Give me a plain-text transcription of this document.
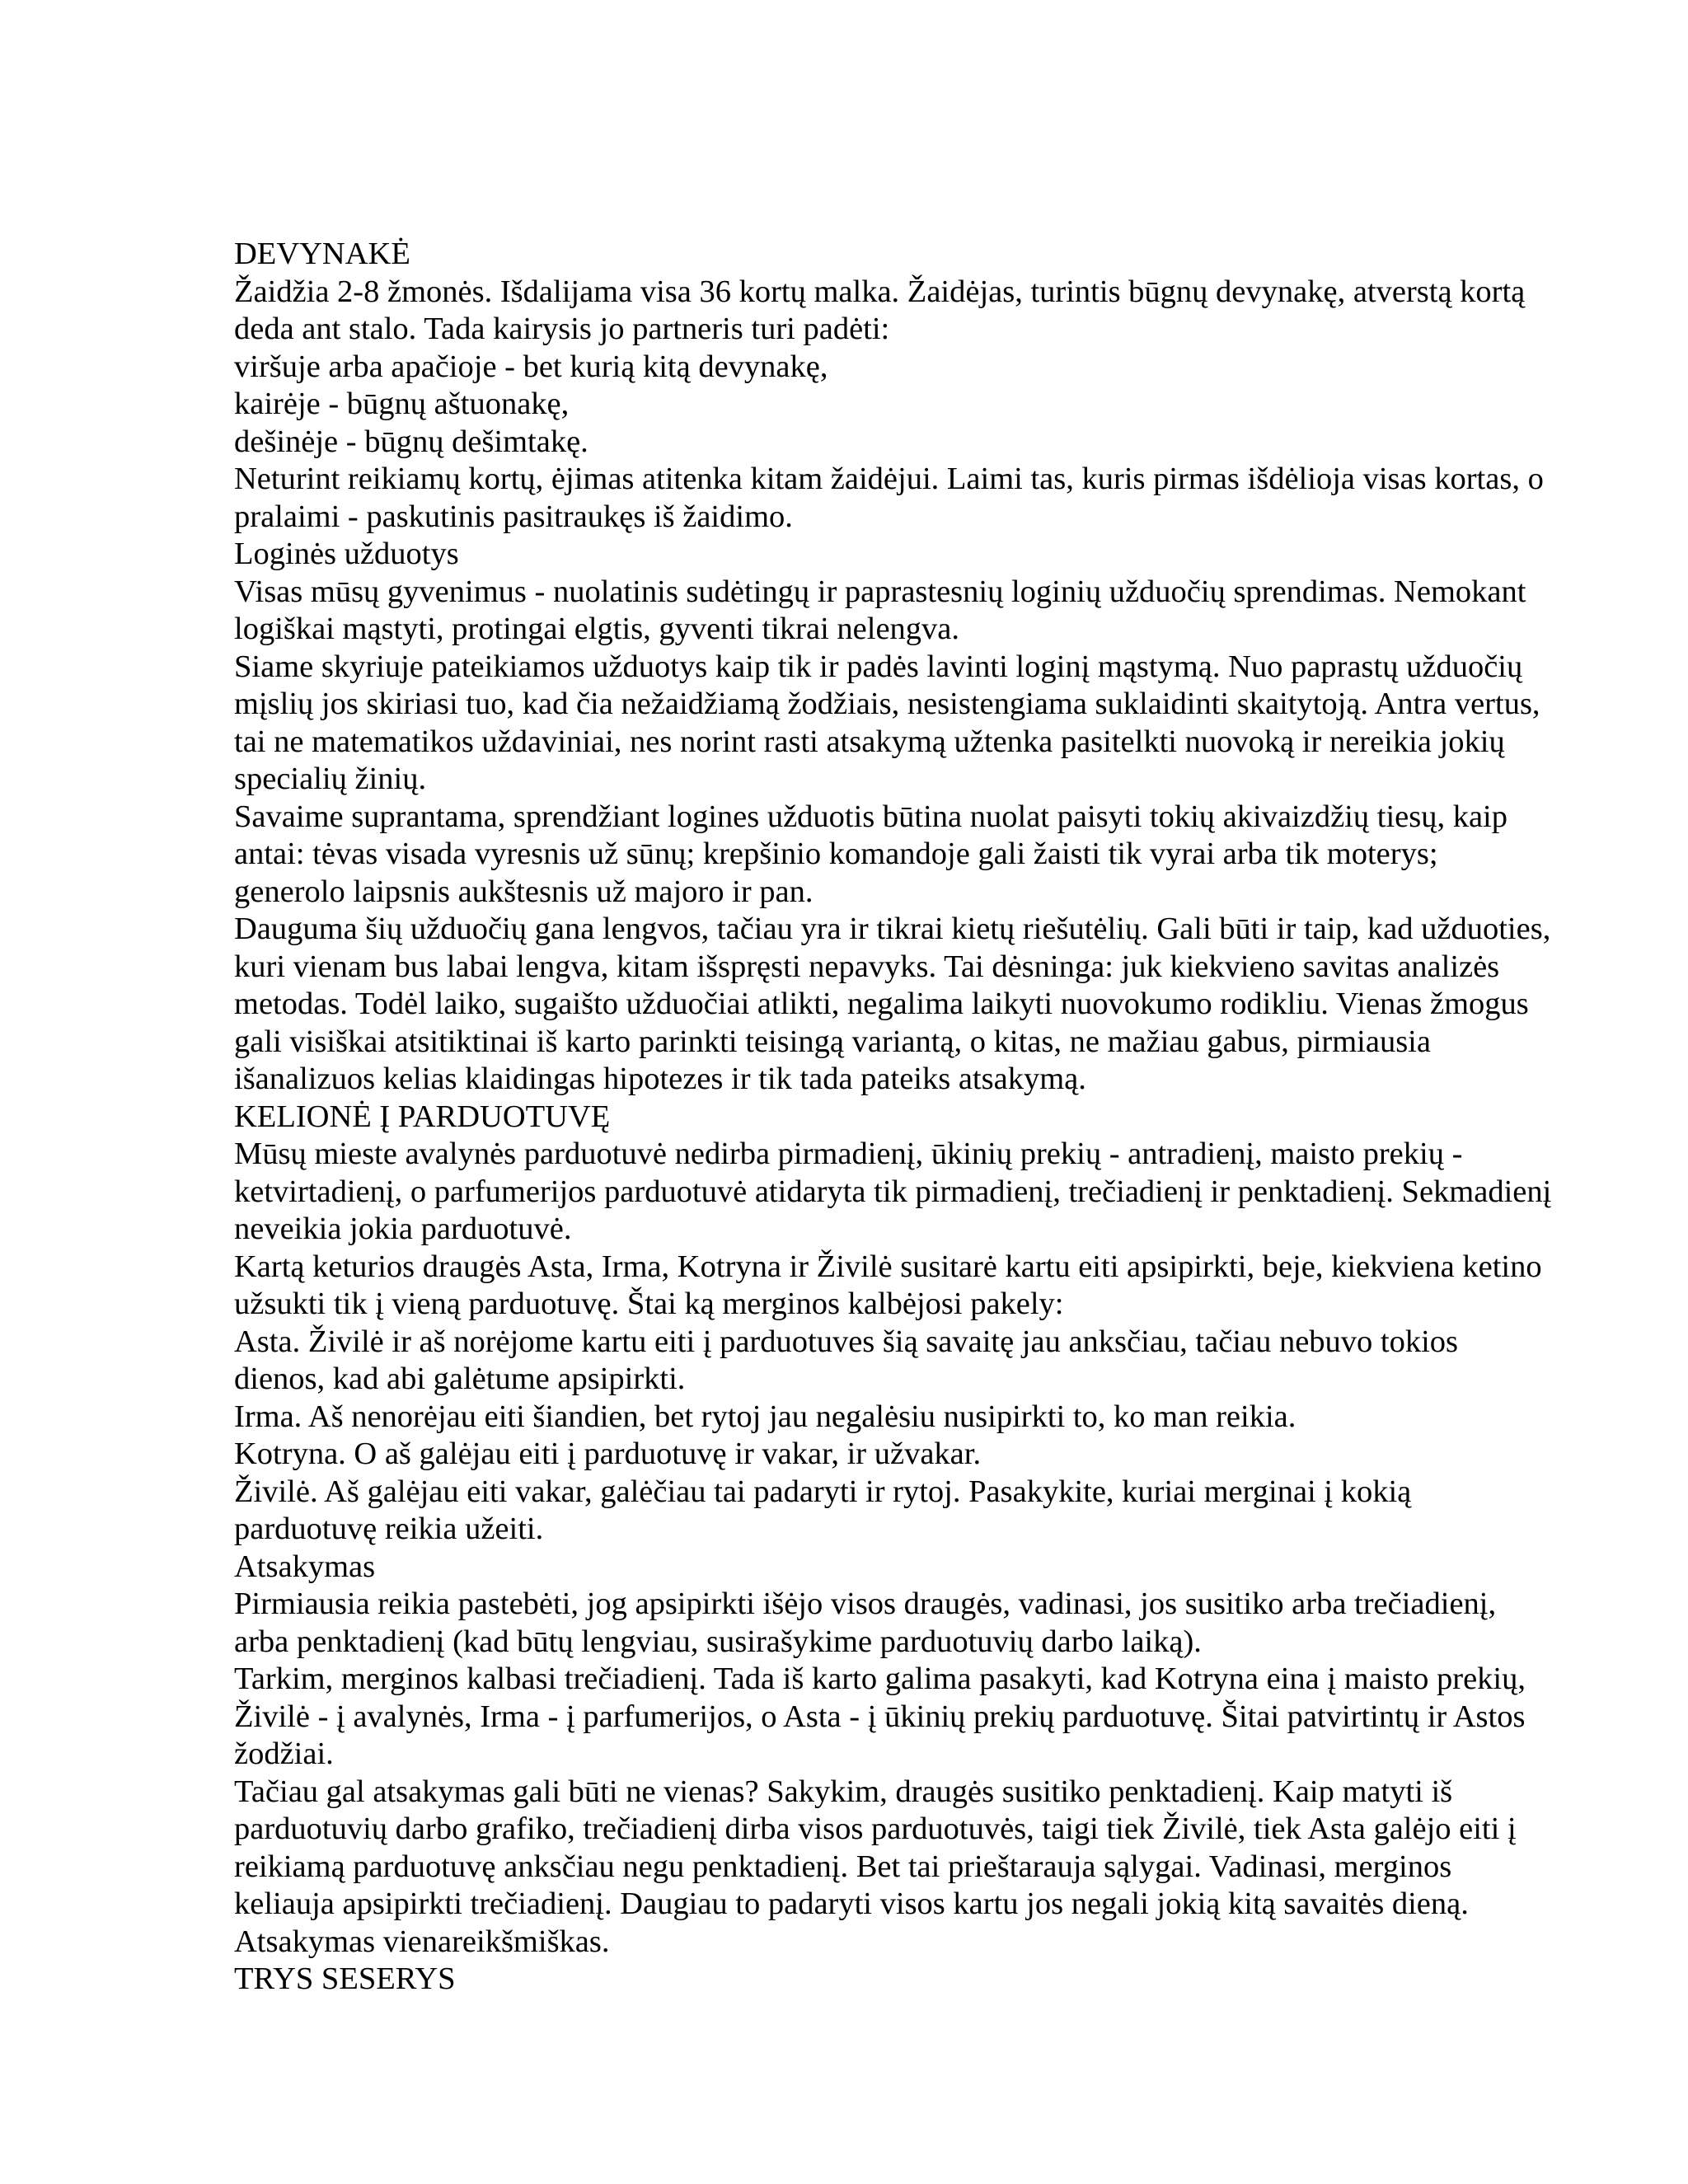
DEVYNAKĖ

Žaidžia 2-8 žmonės. Išdalijama visa 36 kortų malka. Žaidėjas, turintis būgnų devynakę, atverstą kortą

deda ant stalo. Tada kairysis jo partneris turi padėti:

viršuje arba apačioje - bet kurią kitą devynakę,

kairėje - būgnų aštuonakę,

dešinėje - būgnų dešimtakę.

Neturint reikiamų kortų, ėjimas atitenka kitam žaidėjui. Laimi tas, kuris pirmas išdėlioja visas kortas, o

pralaimi - paskutinis pasitraukęs iš žaidimo.

Loginės užduotys

Visas mūsų gyvenimus - nuolatinis sudėtingų ir paprastesnių loginių užduočių sprendimas. Nemokant

logiškai mąstyti, protingai elgtis, gyventi tikrai nelengva.

Siame skyriuje pateikiamos užduotys kaip tik ir padės lavinti loginį mąstymą. Nuo paprastų užduočių

mįslių jos skiriasi tuo, kad čia nežaidžiamą žodžiais, nesistengiama suklaidinti skaitytoją. Antra vertus,

tai ne matematikos uždaviniai, nes norint rasti atsakymą užtenka pasitelkti nuovoką ir nereikia jokių

specialių žinių.

Savaime suprantama, sprendžiant logines užduotis būtina nuolat paisyti tokių akivaizdžių tiesų, kaip

antai: tėvas visada vyresnis už sūnų; krepšinio komandoje gali žaisti tik vyrai arba tik moterys;

generolo laipsnis aukštesnis už majoro ir pan.

Dauguma šių užduočių gana lengvos, tačiau yra ir tikrai kietų riešutėlių. Gali būti ir taip, kad užduoties,

kuri vienam bus labai lengva, kitam išspręsti nepavyks. Tai dėsninga: juk kiekvieno savitas analizės

metodas. Todėl laiko, sugaišto užduočiai atlikti, negalima laikyti nuovokumo rodikliu. Vienas žmogus

gali visiškai atsitiktinai iš karto parinkti teisingą variantą, o kitas, ne mažiau gabus, pirmiausia

išanalizuos kelias klaidingas hipotezes ir tik tada pateiks atsakymą.

KELIONĖ Į PARDUOTUVĘ

Mūsų mieste avalynės parduotuvė nedirba pirmadienį, ūkinių prekių - antradienį, maisto prekių -

ketvirtadienį, o parfumerijos parduotuvė atidaryta tik pirmadienį, trečiadienį ir penktadienį. Sekmadienį

neveikia jokia parduotuvė.

Kartą keturios draugės Asta, Irma, Kotryna ir Živilė susitarė kartu eiti apsipirkti, beje, kiekviena ketino

užsukti tik į vieną parduotuvę. Štai ką merginos kalbėjosi pakely:

Asta. Živilė ir aš norėjome kartu eiti į parduotuves šią savaitę jau anksčiau, tačiau nebuvo tokios

dienos, kad abi galėtume apsipirkti.

Irma. Aš nenorėjau eiti šiandien, bet rytoj jau negalėsiu nusipirkti to, ko man reikia.

Kotryna. O aš galėjau eiti į parduotuvę ir vakar, ir užvakar.

Živilė. Aš galėjau eiti vakar, galėčiau tai padaryti ir rytoj. Pasakykite, kuriai merginai į kokią

parduotuvę reikia užeiti.

Atsakymas

Pirmiausia reikia pastebėti, jog apsipirkti išėjo visos draugės, vadinasi, jos susitiko arba trečiadienį,

arba penktadienį (kad būtų lengviau, susirašykime parduotuvių darbo laiką).

Tarkim, merginos kalbasi trečiadienį. Tada iš karto galima pasakyti, kad Kotryna eina į maisto prekių,

Živilė - į avalynės, Irma - į parfumerijos, o Asta - į ūkinių prekių parduotuvę. Šitai patvirtintų ir Astos

žodžiai.

Tačiau gal atsakymas gali būti ne vienas? Sakykim, draugės susitiko penktadienį. Kaip matyti iš

parduotuvių darbo grafiko, trečiadienį dirba visos parduotuvės, taigi tiek Živilė, tiek Asta galėjo eiti į

reikiamą parduotuvę anksčiau negu penktadienį. Bet tai prieštarauja sąlygai. Vadinasi, merginos

keliauja apsipirkti trečiadienį. Daugiau to padaryti visos kartu jos negali jokią kitą savaitės dieną.

Atsakymas vienareikšmiškas.

TRYS SESERYS
